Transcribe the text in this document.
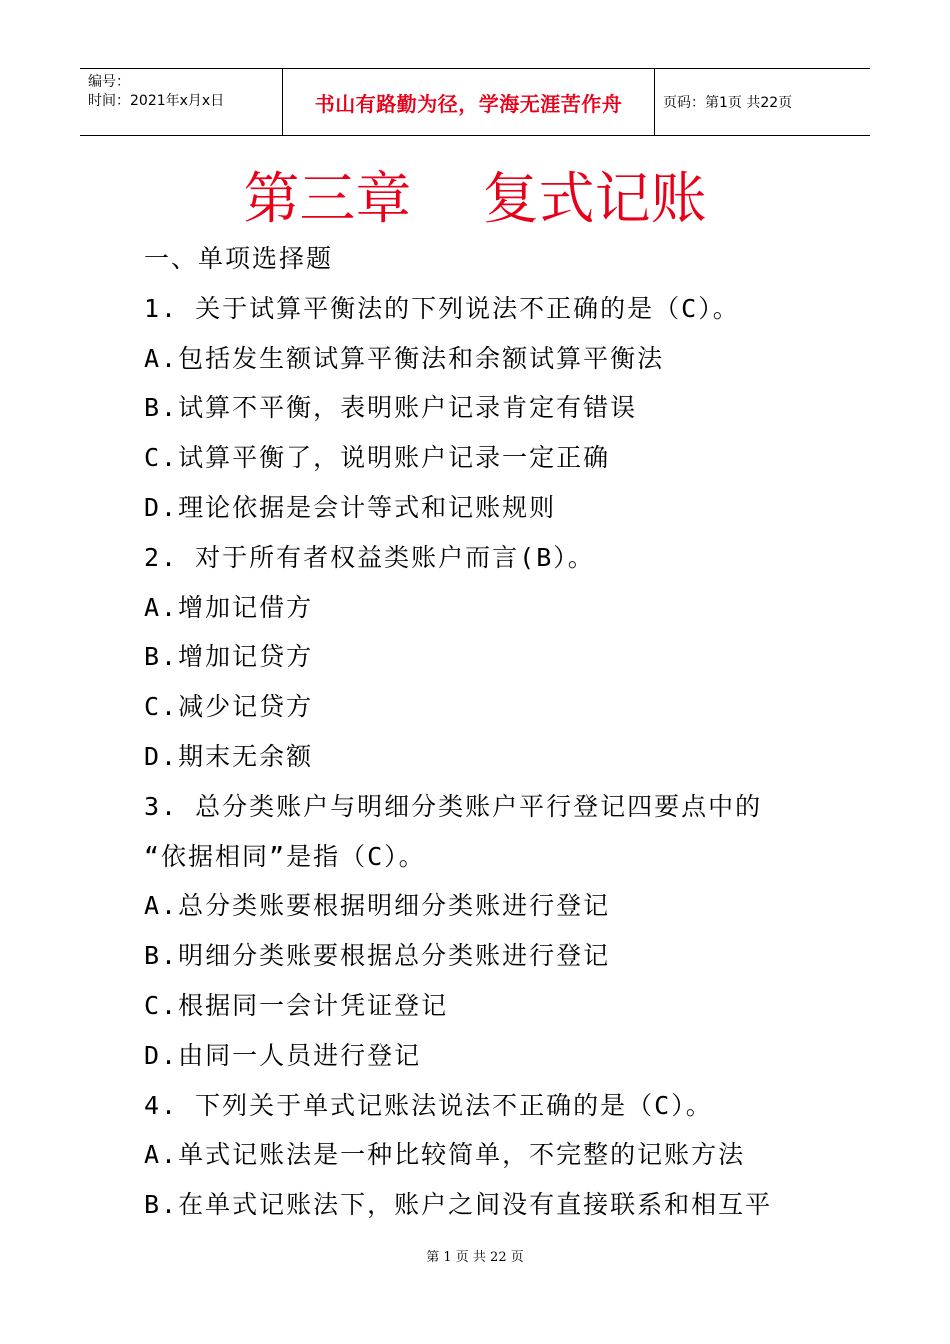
编号：
时间：2021年x月x日	书山有路勤为径，学海无涯苦作舟	页码：第1页 共22页
第三章    复式记账
一、单项选择题
1. 关于试算平衡法的下列说法不正确的是（C）。
A.包括发生额试算平衡法和余额试算平衡法
B.试算不平衡，表明账户记录肯定有错误
C.试算平衡了，说明账户记录一定正确
D.理论依据是会计等式和记账规则
2. 对于所有者权益类账户而言(B）。
A.增加记借方
B.增加记贷方
C.减少记贷方
D.期末无余额
3. 总分类账户与明细分类账户平行登记四要点中的
“依据相同”是指（C）。
A.总分类账要根据明细分类账进行登记
B.明细分类账要根据总分类账进行登记
C.根据同一会计凭证登记
D.由同一人员进行登记
4. 下列关于单式记账法说法不正确的是（C）。
A.单式记账法是一种比较简单，不完整的记账方法
B.在单式记账法下，账户之间没有直接联系和相互平
第 1 页 共 22 页
